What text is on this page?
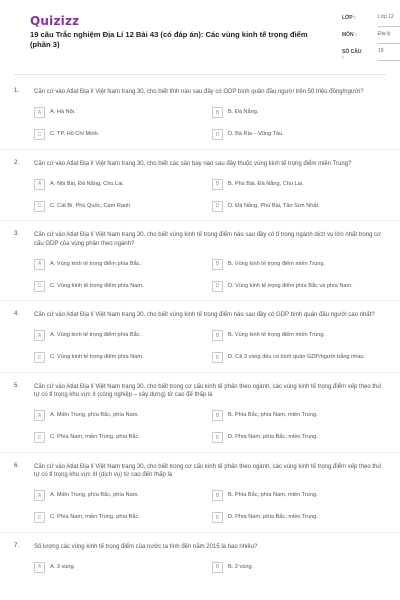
Quizizz
19 câu Trắc nghiệm Địa Lí 12 Bài 43 (có đáp án): Các vùng kinh tế trọng điểm (phần 3)
LỚP :	Lớp 12
MÔN :	Địa lý
SỐ CÂU :
19
1. Căn cứ vào Atlat Địa lí Việt Nam trang 30, cho biết tỉnh nào sau đây có GDP bình quân đầu người trên 50 triệu đồng/người?
A	A. Hà Nội.	B	B. Đà Nẵng.
C	C. TP. Hồ Chí Minh.	D	D. Bà Rịa – Vũng Tàu.
2. Căn cứ vào Atlat Địa lí Việt Nam trang 30, cho biết các sân bay nào sau đây thuộc vùng kinh tế trọng điểm miền Trung?
A	A. Nội Bài, Đà Nẵng, Chu Lai.	B	B. Phú Bài, Đà Nẵng, Chu Lai.
C	C. Cát Bi, Phú Quốc, Cam Ranh.	D	D. Đà Nẵng, Phú Bài, Tân Sơn Nhất.
3. Căn cứ vào Atlat Địa lí Việt Nam trang 30, cho biết vùng kinh tế trọng điểm nào sau đây có tỉ trọng ngành dịch vụ lớn nhất trong cơ cấu GDP của vùng phân theo ngành?
A	A. Vùng kinh tế trọng điểm phía Bắc.	B	B. Vùng kinh tế trọng điểm miền Trung.
C	C. Vùng kinh tế trọng điểm phía Nam.	D	D. Vùng kinh tế trọng điểm phía Bắc và phía Nam.
4. Căn cứ vào Atlat Địa lí Việt Nam trang 30, cho biết vùng kinh tế trọng điểm nào sau đây có GDP bình quân đầu người cao nhất?
A	A. Vùng kinh tế trọng điểm phía Bắc.	B	B. Vùng kinh tế trọng điểm miền Trung.
C	C. Vùng kinh tế trọng điểm phía Nam.	D	D. Cả 3 vùng đều có bình quân GDP/người bằng nhau.
5. Căn cứ vào Atlat Địa lí Việt Nam trang 30, cho biết trong cơ cấu kinh tế phân theo ngành, các vùng kinh tế trọng điểm xếp theo thứ tự có tỉ trọng khu vực II (công nghiệp – xây dựng) từ cao đế thấp là
A	A. Miền Trung, phía Bắc, phía Nam.	B	B. Phía Bắc, phía Nam, miền Trung.
C	C. Phía Nam, miền Trung, phía Bắc.	D	D. Phía Nam, phía Bắc, miền Trung.
6. Căn cứ vào Atlat Địa lí Việt Nam trang 30, cho biết trong cơ cấu kinh tế phân theo ngành, các vùng kinh tế trọng điểm xếp theo thứ tự có tỉ trọng khu vực III (dịch vụ) từ cao đến thấp là
A	A. Miền Trung, phía Bắc, phía Nam.	B	B. Phía Bắc, phía Nam, miền Trung.
C	C. Phía Nam, miền Trung, phía Bắc.	D	D. Phía Nam, phía Bắc, miền Trung.
7. Số lượng các vùng kinh tế trọng điểm của nước ta tính đến năm 2015 là bao nhiêu?
A	A. 3 vùng.	B	B. 2 vùng.
